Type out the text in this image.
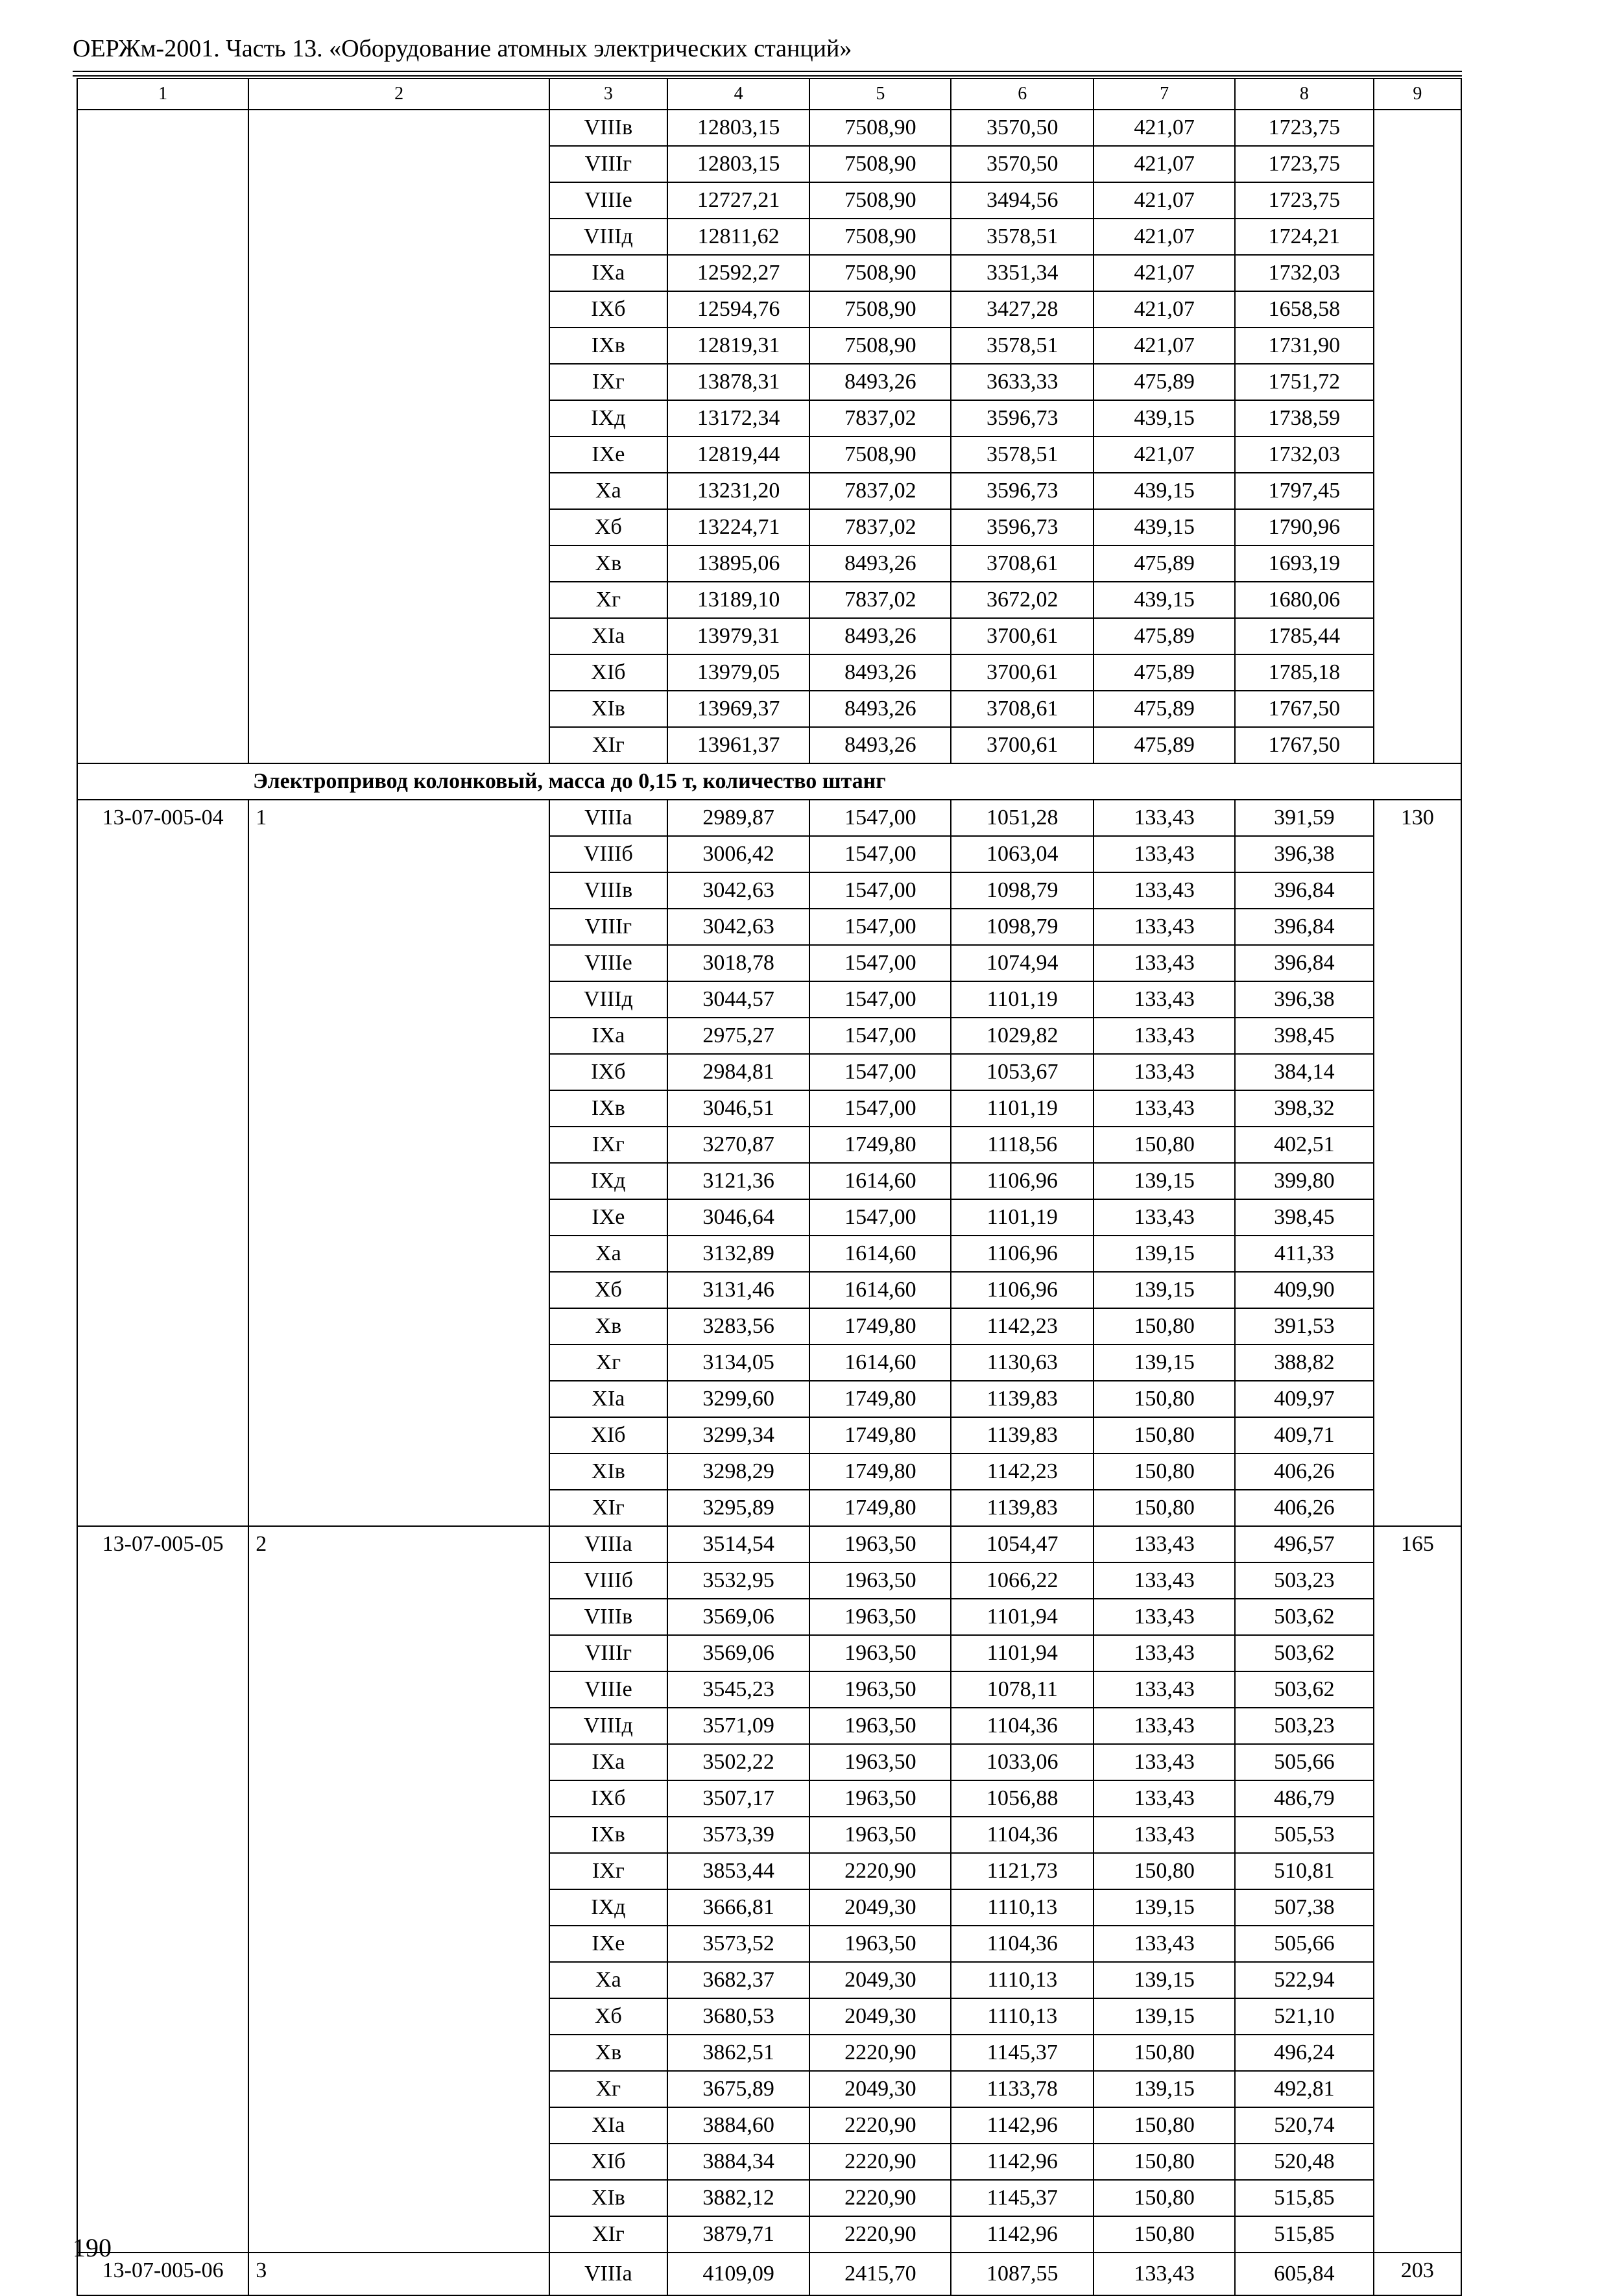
ОЕРЖм-2001. Часть 13. «Оборудование атомных электрических станций»
1	2	3	4	5	6	7	8	9
		VIIIв	12803,15	7508,90	3570,50	421,07	1723,75	
		VIIIг	12803,15	7508,90	3570,50	421,07	1723,75	
		VIIIе	12727,21	7508,90	3494,56	421,07	1723,75	
		VIIIд	12811,62	7508,90	3578,51	421,07	1724,21	
		IXа	12592,27	7508,90	3351,34	421,07	1732,03	
		IXб	12594,76	7508,90	3427,28	421,07	1658,58	
		IXв	12819,31	7508,90	3578,51	421,07	1731,90	
		IXг	13878,31	8493,26	3633,33	475,89	1751,72	
		IXд	13172,34	7837,02	3596,73	439,15	1738,59	
		IXе	12819,44	7508,90	3578,51	421,07	1732,03	
		Xа	13231,20	7837,02	3596,73	439,15	1797,45	
		Xб	13224,71	7837,02	3596,73	439,15	1790,96	
		Xв	13895,06	8493,26	3708,61	475,89	1693,19	
		Xг	13189,10	7837,02	3672,02	439,15	1680,06	
		XIа	13979,31	8493,26	3700,61	475,89	1785,44	
		XIб	13979,05	8493,26	3700,61	475,89	1785,18	
		XIв	13969,37	8493,26	3708,61	475,89	1767,50	
		XIг	13961,37	8493,26	3700,61	475,89	1767,50	
Электропривод колонковый, масса до 0,15 т, количество штанг								
13-07-005-04	1	VIIIа	2989,87	1547,00	1051,28	133,43	391,59	130
		VIIIб	3006,42	1547,00	1063,04	133,43	396,38	
		VIIIв	3042,63	1547,00	1098,79	133,43	396,84	
		VIIIг	3042,63	1547,00	1098,79	133,43	396,84	
		VIIIе	3018,78	1547,00	1074,94	133,43	396,84	
		VIIIд	3044,57	1547,00	1101,19	133,43	396,38	
		IXа	2975,27	1547,00	1029,82	133,43	398,45	
		IXб	2984,81	1547,00	1053,67	133,43	384,14	
		IXв	3046,51	1547,00	1101,19	133,43	398,32	
		IXг	3270,87	1749,80	1118,56	150,80	402,51	
		IXд	3121,36	1614,60	1106,96	139,15	399,80	
		IXе	3046,64	1547,00	1101,19	133,43	398,45	
		Xа	3132,89	1614,60	1106,96	139,15	411,33	
		Xб	3131,46	1614,60	1106,96	139,15	409,90	
		Xв	3283,56	1749,80	1142,23	150,80	391,53	
		Xг	3134,05	1614,60	1130,63	139,15	388,82	
		XIа	3299,60	1749,80	1139,83	150,80	409,97	
		XIб	3299,34	1749,80	1139,83	150,80	409,71	
		XIв	3298,29	1749,80	1142,23	150,80	406,26	
		XIг	3295,89	1749,80	1139,83	150,80	406,26	
13-07-005-05	2	VIIIа	3514,54	1963,50	1054,47	133,43	496,57	165
		VIIIб	3532,95	1963,50	1066,22	133,43	503,23	
		VIIIв	3569,06	1963,50	1101,94	133,43	503,62	
		VIIIг	3569,06	1963,50	1101,94	133,43	503,62	
		VIIIе	3545,23	1963,50	1078,11	133,43	503,62	
		VIIIд	3571,09	1963,50	1104,36	133,43	503,23	
		IXа	3502,22	1963,50	1033,06	133,43	505,66	
		IXб	3507,17	1963,50	1056,88	133,43	486,79	
		IXв	3573,39	1963,50	1104,36	133,43	505,53	
		IXг	3853,44	2220,90	1121,73	150,80	510,81	
		IXд	3666,81	2049,30	1110,13	139,15	507,38	
		IXе	3573,52	1963,50	1104,36	133,43	505,66	
		Xа	3682,37	2049,30	1110,13	139,15	522,94	
		Xб	3680,53	2049,30	1110,13	139,15	521,10	
		Xв	3862,51	2220,90	1145,37	150,80	496,24	
		Xг	3675,89	2049,30	1133,78	139,15	492,81	
		XIа	3884,60	2220,90	1142,96	150,80	520,74	
		XIб	3884,34	2220,90	1142,96	150,80	520,48	
		XIв	3882,12	2220,90	1145,37	150,80	515,85	
		XIг	3879,71	2220,90	1142,96	150,80	515,85	
13-07-005-06	3	VIIIа	4109,09	2415,70	1087,55	133,43	605,84	203
190
